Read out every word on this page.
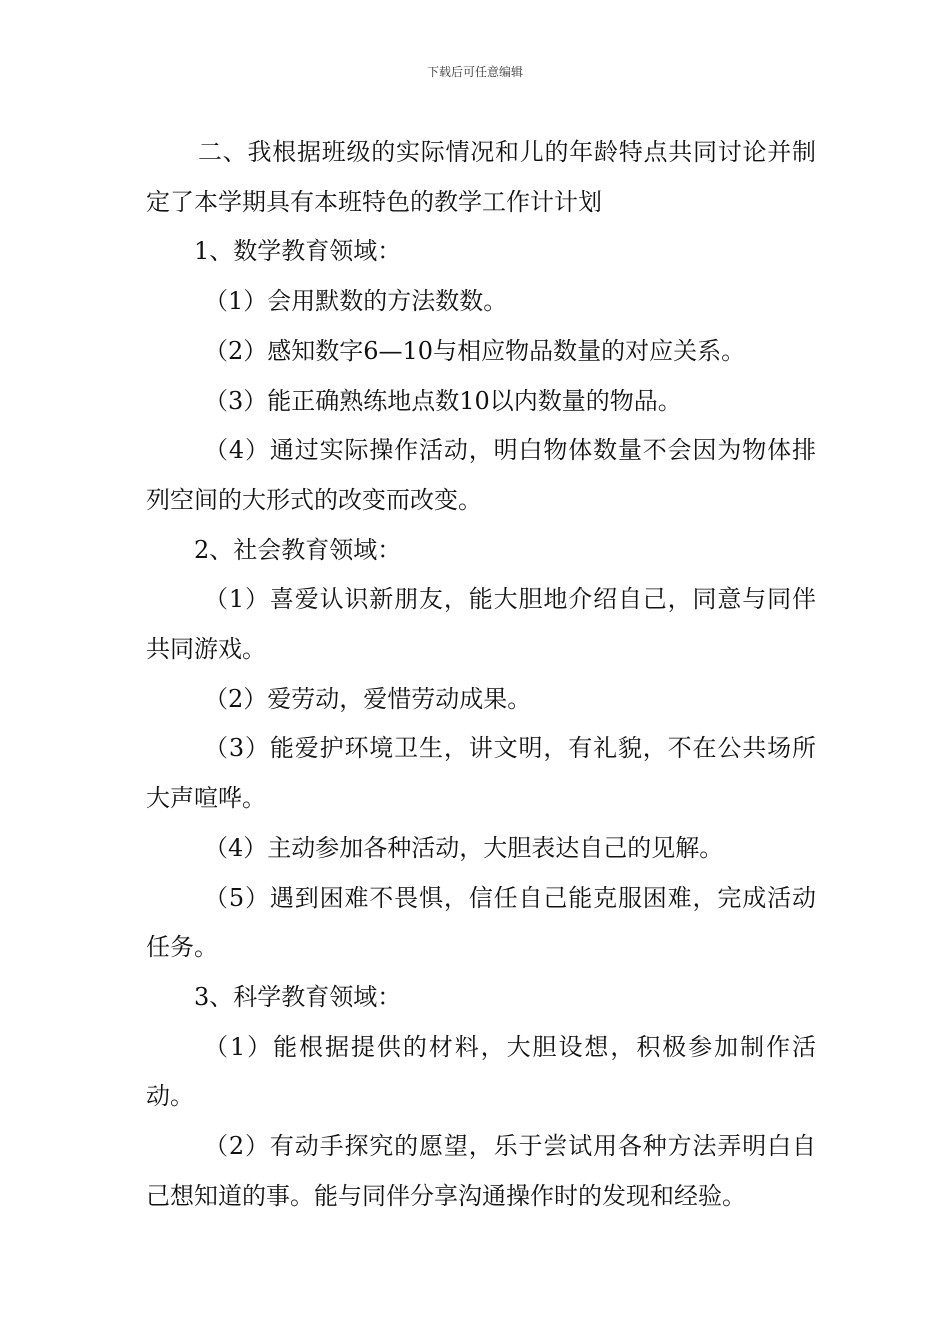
下载后可任意编辑

二、我根据班级的实际情况和儿的年龄特点共同讨论并制定了本学期具有本班特色的教学工作计计划

1、数学教育领域：

（1）会用默数的方法数数。

（2）感知数字6—10与相应物品数量的对应关系。

（3）能正确熟练地点数10以内数量的物品。

（4）通过实际操作活动，明白物体数量不会因为物体排列空间的大形式的改变而改变。

2、社会教育领域：

（1）喜爱认识新朋友，能大胆地介绍自己，同意与同伴共同游戏。

（2）爱劳动，爱惜劳动成果。

（3）能爱护环境卫生，讲文明，有礼貌，不在公共场所大声喧哗。

（4）主动参加各种活动，大胆表达自己的见解。

（5）遇到困难不畏惧，信任自己能克服困难，完成活动任务。

3、科学教育领域：

（1）能根据提供的材料，大胆设想，积极参加制作活动。

（2）有动手探究的愿望，乐于尝试用各种方法弄明白自己想知道的事。能与同伴分享沟通操作时的发现和经验。
